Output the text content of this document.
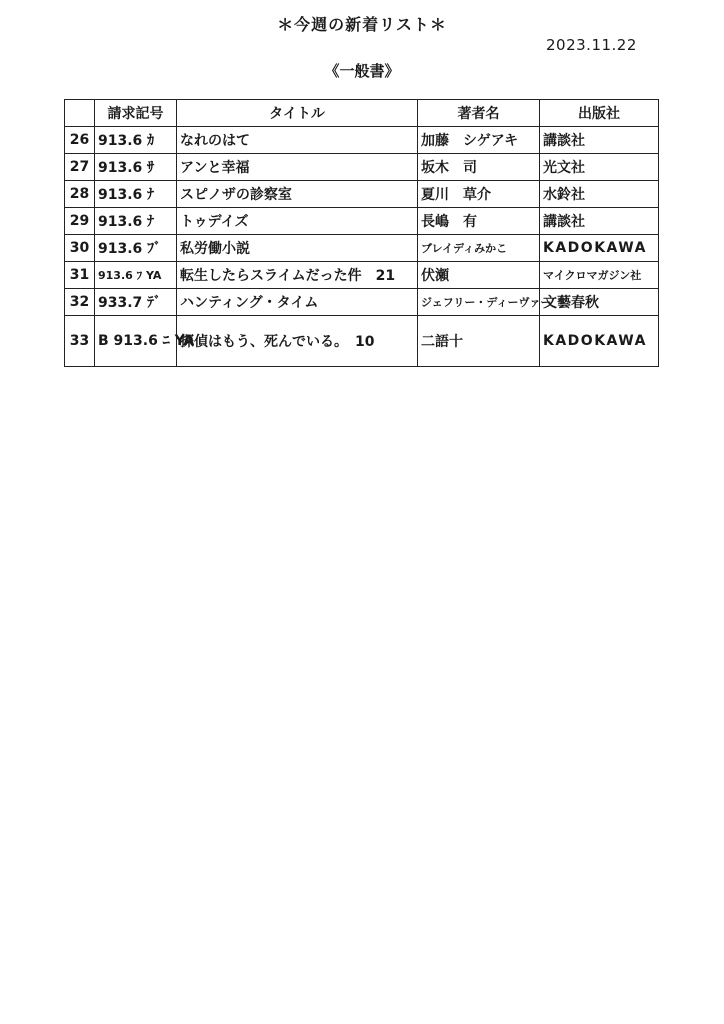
＊今週の新着リスト＊
2023.11.22
《一般書》
	請求記号	タイトル	著者名	出版社
26	913.6 ｶ	なれのはて	加藤　シゲアキ	講談社
27	913.6 ｻ	アンと幸福	坂木　司	光文社
28	913.6 ﾅ	スピノザの診察室	夏川　草介	水鈴社
29	913.6 ﾅ	トゥデイズ	長嶋　有	講談社
30	913.6 ﾌﾞ	私労働小説	ブレイディみかこ	KADOKAWA
31	913.6 ﾌ YA	転生したらスライムだった件　21	伏瀬	マイクロマガジン社
32	933.7 ﾃﾞ	ハンティング・タイム	ジェフリー・ディーヴァー	文藝春秋
33	B 913.6 ﾆ YA	探偵はもう、死んでいる。　10	二語十	KADOKAWA
